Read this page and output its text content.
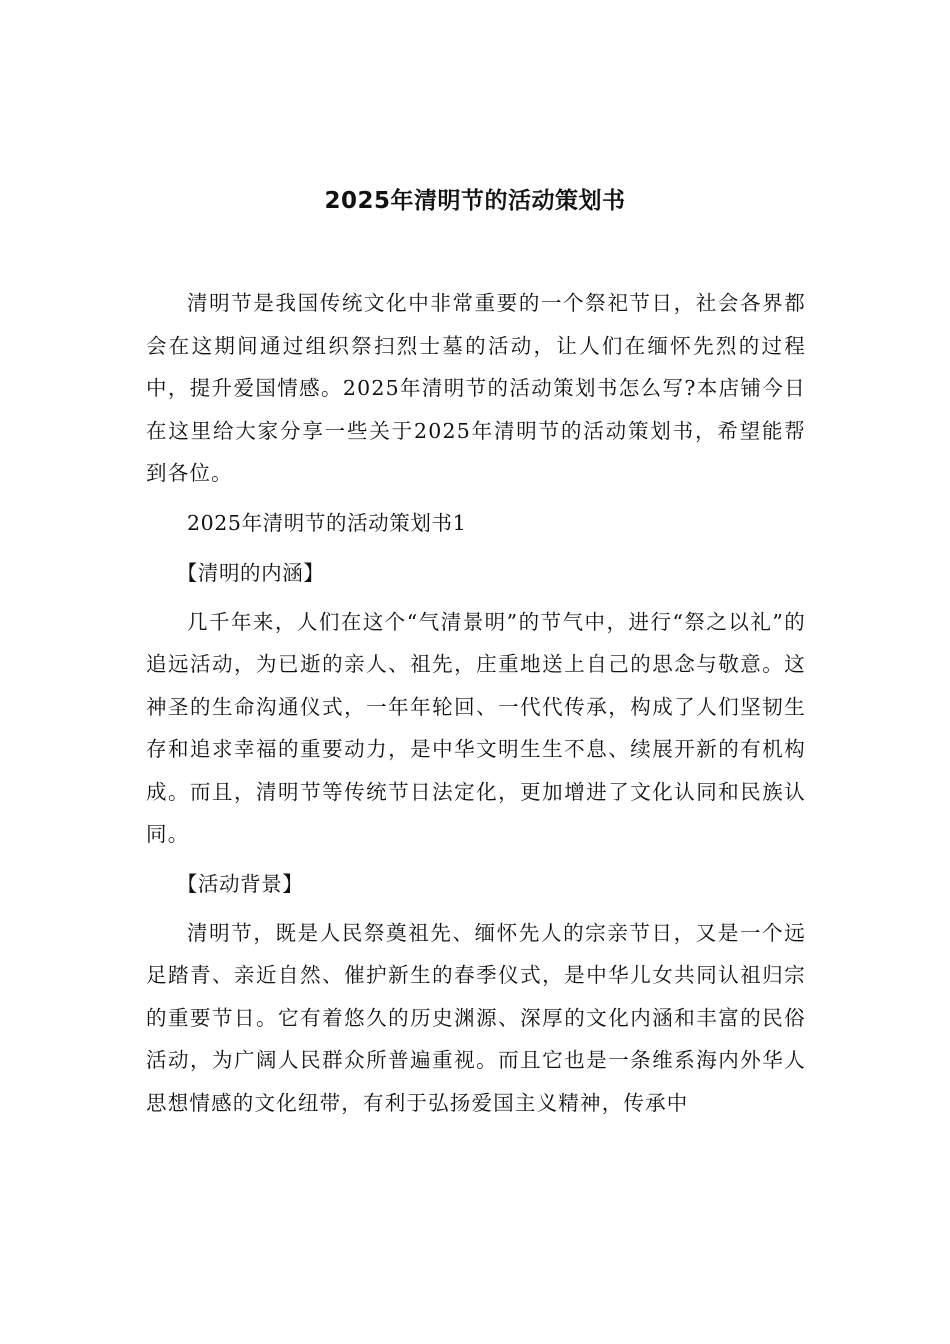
2025年清明节的活动策划书

清明节是我国传统文化中非常重要的一个祭祀节日，社会各界都会在这期间通过组织祭扫烈士墓的活动，让人们在缅怀先烈的过程中，提升爱国情感。2025年清明节的活动策划书怎么写?本店铺今日在这里给大家分享一些关于2025年清明节的活动策划书，希望能帮到各位。

2025年清明节的活动策划书1

【清明的内涵】

几千年来，人们在这个“气清景明”的节气中，进行“祭之以礼”的追远活动，为已逝的亲人、祖先，庄重地送上自己的思念与敬意。这神圣的生命沟通仪式，一年年轮回、一代代传承，构成了人们坚韧生存和追求幸福的重要动力，是中华文明生生不息、续展开新的有机构成。而且，清明节等传统节日法定化，更加增进了文化认同和民族认同。

【活动背景】

清明节，既是人民祭奠祖先、缅怀先人的宗亲节日，又是一个远足踏青、亲近自然、催护新生的春季仪式，是中华儿女共同认祖归宗的重要节日。它有着悠久的历史渊源、深厚的文化内涵和丰富的民俗活动，为广阔人民群众所普遍重视。而且它也是一条维系海内外华人思想情感的文化纽带，有利于弘扬爱国主义精神，传承中
